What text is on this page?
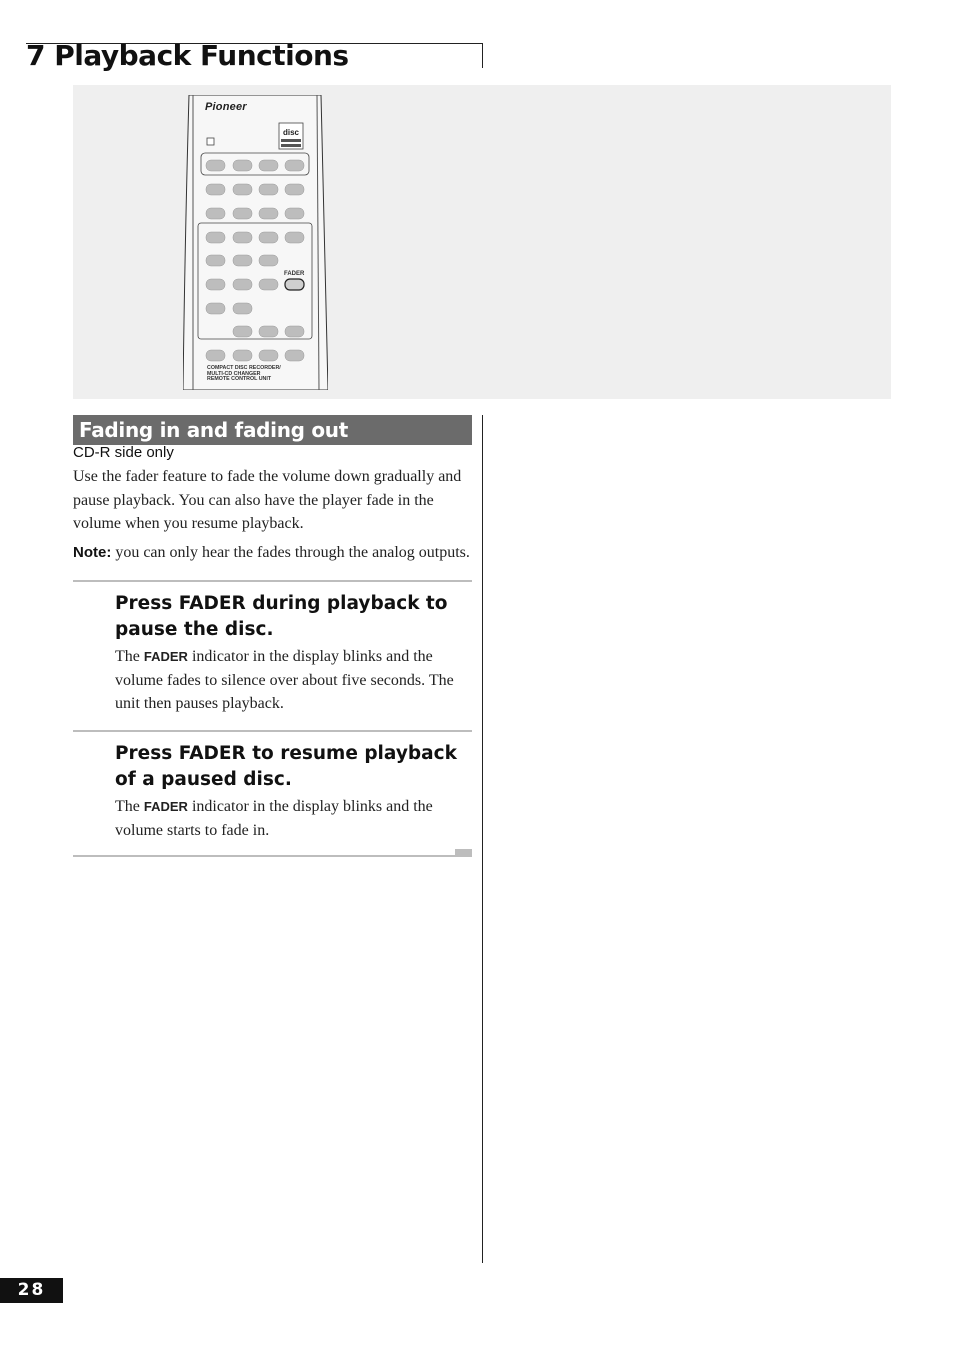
7 Playback Functions
disc
Pioneer
FADER
COMPACT DISC RECORDER/
MULTI-CD CHANGER
REMOTE CONTROL UNIT
Fading in and fading out
CD-R side only

Use the fader feature to fade the volume down gradually and pause playback. You can also have the player fade in the volume when you resume playback.

Note: you can only hear the fades through the analog outputs.

Press FADER during playback to pause the disc.

The FADER indicator in the display blinks and the volume fades to silence over about five seconds. The unit then pauses playback.

Press FADER to resume playback of a paused disc.

The FADER indicator in the display blinks and the volume starts to fade in.

28
